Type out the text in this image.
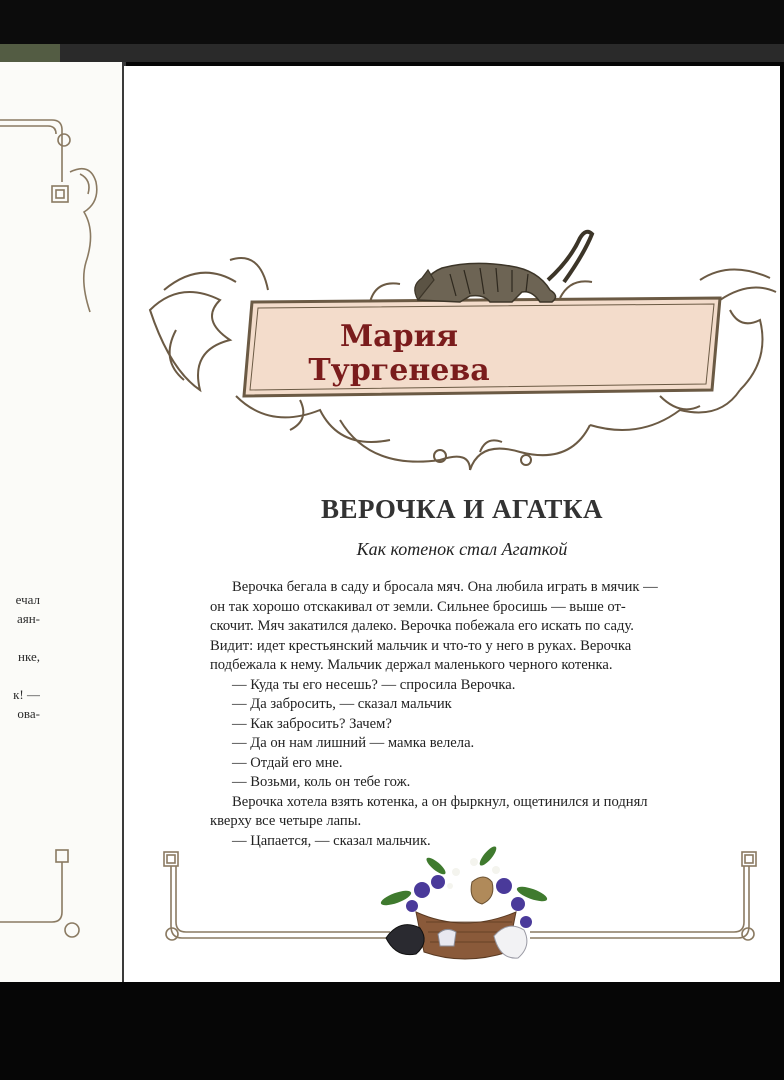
ечал
аян-
нке,
к! —
ова-
Мария
Тургенева
ВЕРОЧКА И АГАТКА
Как котенок стал Агаткой
Верочка бегала в саду и бросала мяч. Она любила играть в мячик —
он так хорошо отскакивал от земли. Сильнее бросишь — выше от-
скочит. Мяч закатился далеко. Верочка побежала его искать по саду.
Видит: идет крестьянский мальчик и что-то у него в руках. Верочка
подбежала к нему. Мальчик держал маленького черного котенка.
— Куда ты его несешь? — спросила Верочка.
— Да забросить, — сказал мальчик
— Как забросить? Зачем?
— Да он нам лишний — мамка велела.
— Отдай его мне.
— Возьми, коль он тебе гож.
Верочка хотела взять котенка, а он фыркнул, ощетинился и поднял
кверху все четыре лапы.
— Цапается, — сказал мальчик.
